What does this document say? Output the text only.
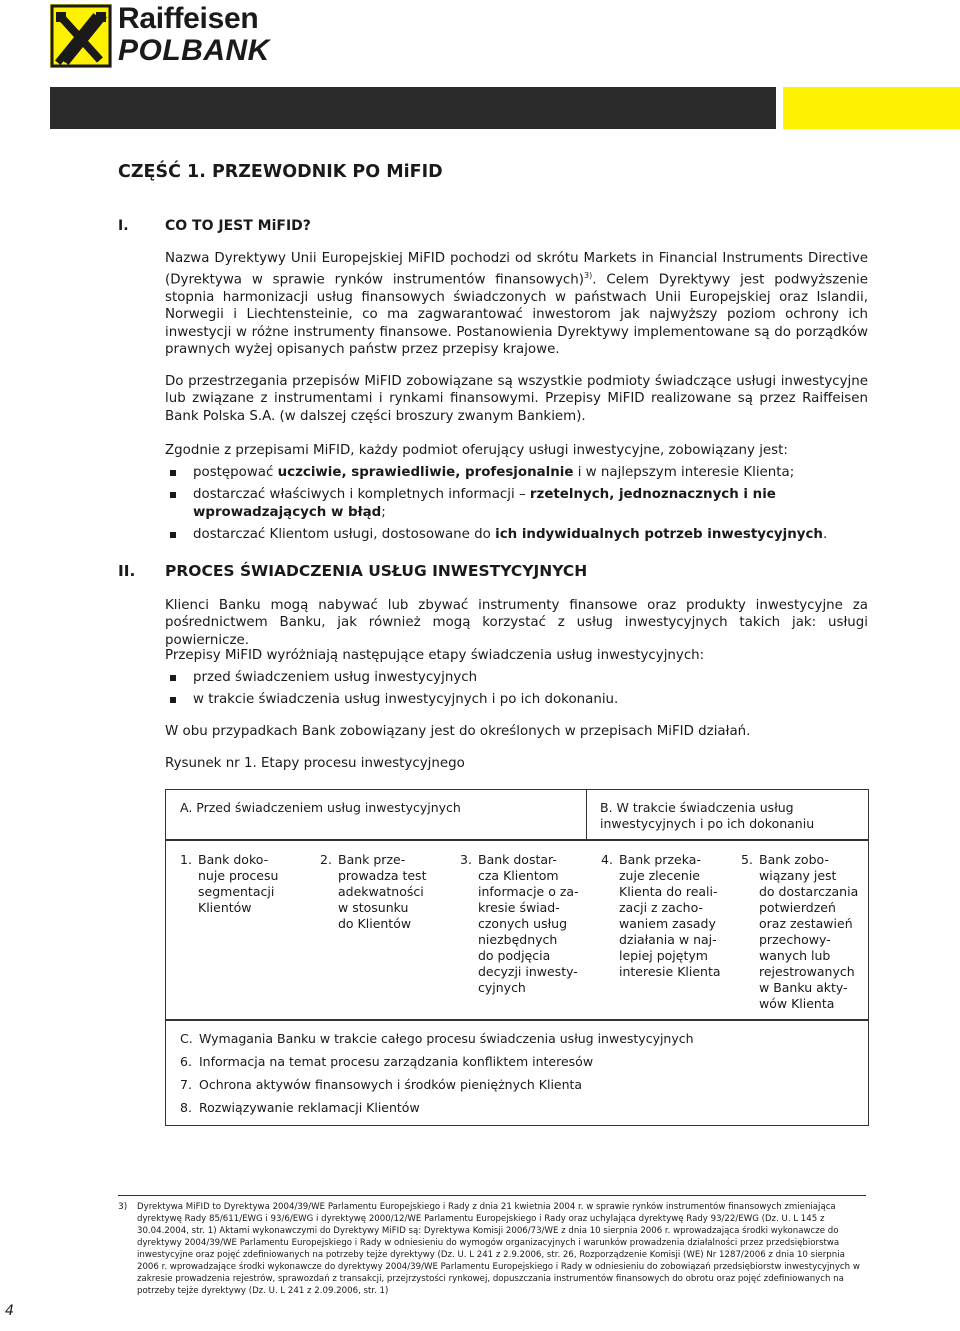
Raiffeisen
POLBANK
CZĘŚĆ 1. PRZEWODNIK PO MiFID
I.	CO TO JEST MiFID?
Nazwa Dyrektywy Unii Europejskiej MiFID pochodzi od skrótu Markets in Financial Instruments Directive (Dyrektywa w sprawie rynków instrumentów finansowych)$^{3)}$. Celem Dyrektywy jest podwyższenie stopnia harmonizacji usług finansowych świadczonych w państwach Unii Europejskiej oraz Islandii, Norwegii i Liechtensteinie, co ma zagwarantować inwestorom jak najwyższy poziom ochrony ich inwestycji w różne instrumenty finansowe. Postanowienia Dyrektywy implementowane są do porządków prawnych wyżej opisanych państw przez przepisy krajowe.
Do przestrzegania przepisów MiFID zobowiązane są wszystkie podmioty świadczące usługi inwestycyjne lub związane z instrumentami i rynkami finansowymi. Przepisy MiFID realizowane są przez Raiffeisen Bank Polska S.A. (w dalszej części broszury zwanym Bankiem).
Zgodnie z przepisami MiFID, każdy podmiot oferujący usługi inwestycyjne, zobowiązany jest:
postępować uczciwie, sprawiedliwie, profesjonalnie i w najlepszym interesie Klienta;
dostarczać właściwych i kompletnych informacji – rzetelnych, jednoznacznych i nie wprowadzających w błąd;
dostarczać Klientom usługi, dostosowane do ich indywidualnych potrzeb inwestycyjnych.
II. PROCES ŚWIADCZENIA USŁUG INWESTYCYJNYCH
Klienci Banku mogą nabywać lub zbywać instrumenty finansowe oraz produkty inwestycyjne za pośrednictwem Banku, jak również mogą korzystać z usług inwestycyjnych takich jak: usługi powiernicze.
Przepisy MiFID wyróżniają następujące etapy świadczenia usług inwestycyjnych:
przed świadczeniem usług inwestycyjnych
w trakcie świadczenia usług inwestycyjnych i po ich dokonaniu.
W obu przypadkach Bank zobowiązany jest do określonych w przepisach MiFID działań.
Rysunek nr 1. Etapy procesu inwestycyjnego
A. Przed świadczeniem usług inwestycyjnych	B. W trakcie świadczenia usług inwestycyjnych i po ich dokonaniu
1. Bank doko-
nuje procesu
segmentacji
Klientów
2. Bank prze-
prowadza test
adekwatności
w stosunku
do Klientów
3. Bank dostar-
cza Klientom
informacje o za-
kresie świad-
czonych usług
niezbędnych
do podjęcia
decyzji inwesty-
cyjnych
4. Bank przeka-
zuje zlecenie
Klienta do reali-
zacji z zacho-
waniem zasady
działania w naj-
lepiej pojętym
interesie Klienta
5. Bank zobo-
wiązany jest
do dostarczania
potwierdzeń
oraz zestawień
przechowy-
wanych lub
rejestrowanych
w Banku akty-
wów Klienta
C. Wymagania Banku w trakcie całego procesu świadczenia usług inwestycyjnych
6. Informacja na temat procesu zarządzania konfliktem interesów
7. Ochrona aktywów finansowych i środków pieniężnych Klienta
8. Rozwiązywanie reklamacji Klientów
3) Dyrektywa MiFID to Dyrektywa 2004/39/WE Parlamentu Europejskiego i Rady z dnia 21 kwietnia 2004 r. w sprawie rynków instrumentów finansowych zmieniająca dyrektywę Rady 85/611/EWG i 93/6/EWG i dyrektywę 2000/12/WE Parlamentu Europejskiego i Rady oraz uchylająca dyrektywę Rady 93/22/EWG (Dz. U. L 145 z 30.04.2004, str. 1) Aktami wykonawczymi do Dyrektywy MiFID są: Dyrektywa Komisji 2006/73/WE z dnia 10 sierpnia 2006 r. wprowadzająca środki wykonawcze do dyrektywy 2004/39/WE Parlamentu Europejskiego i Rady w odniesieniu do wymogów organizacyjnych i warunków prowadzenia działalności przez przedsiębiorstwa inwestycyjne oraz pojęć zdefiniowanych na potrzeby tejże dyrektywy (Dz. U. L 241 z 2.9.2006, str. 26, Rozporządzenie Komisji (WE) Nr 1287/2006 z dnia 10 sierpnia 2006 r. wprowadzające środki wykonawcze do dyrektywy 2004/39/WE Parlamentu Europejskiego i Rady w odniesieniu do zobowiązań przedsiębiorstw inwestycyjnych w zakresie prowadzenia rejestrów, sprawozdań z transakcji, przejrzystości rynkowej, dopuszczania instrumentów finansowych do obrotu oraz pojęć zdefiniowanych na potrzeby tejże dyrektywy (Dz. U. L 241 z 2.09.2006, str. 1)
4
